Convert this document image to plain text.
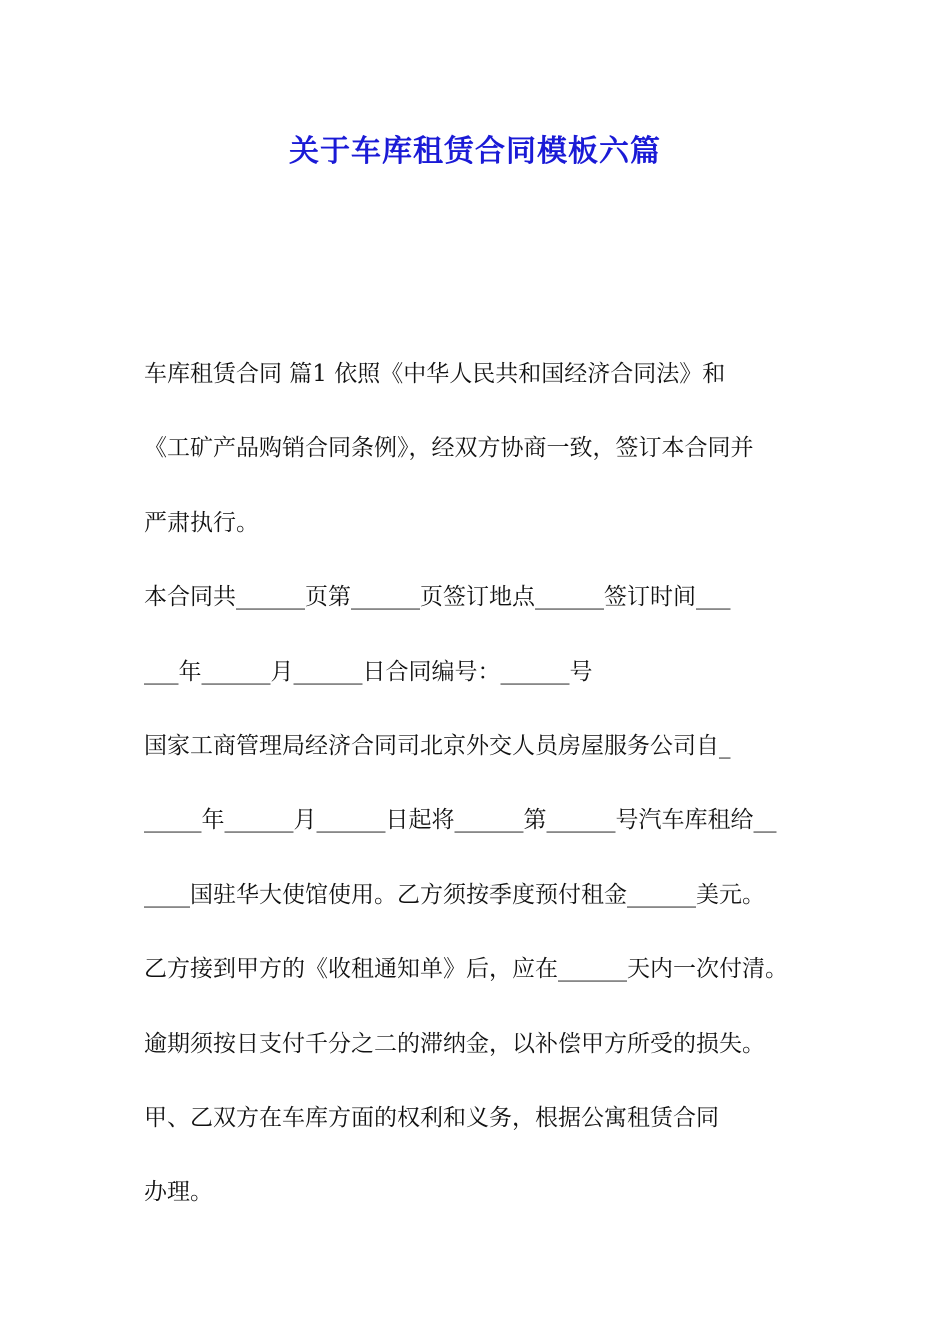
关于车库租赁合同模板六篇

车库租赁合同 篇1 依照《中华人民共和国经济合同法》和

《工矿产品购销合同条例》，经双方协商一致，签订本合同并

严肃执行。

本合同共______页第______页签订地点______签订时间___

___年______月______日合同编号：______号

国家工商管理局经济合同司北京外交人员房屋服务公司自_

_____年______月______日起将______第______号汽车库租给__

____国驻华大使馆使用。乙方须按季度预付租金______美元。

乙方接到甲方的《收租通知单》后，应在______天内一次付清。

逾期须按日支付千分之二的滞纳金，以补偿甲方所受的损失。

甲、乙双方在车库方面的权利和义务，根据公寓租赁合同

办理。
